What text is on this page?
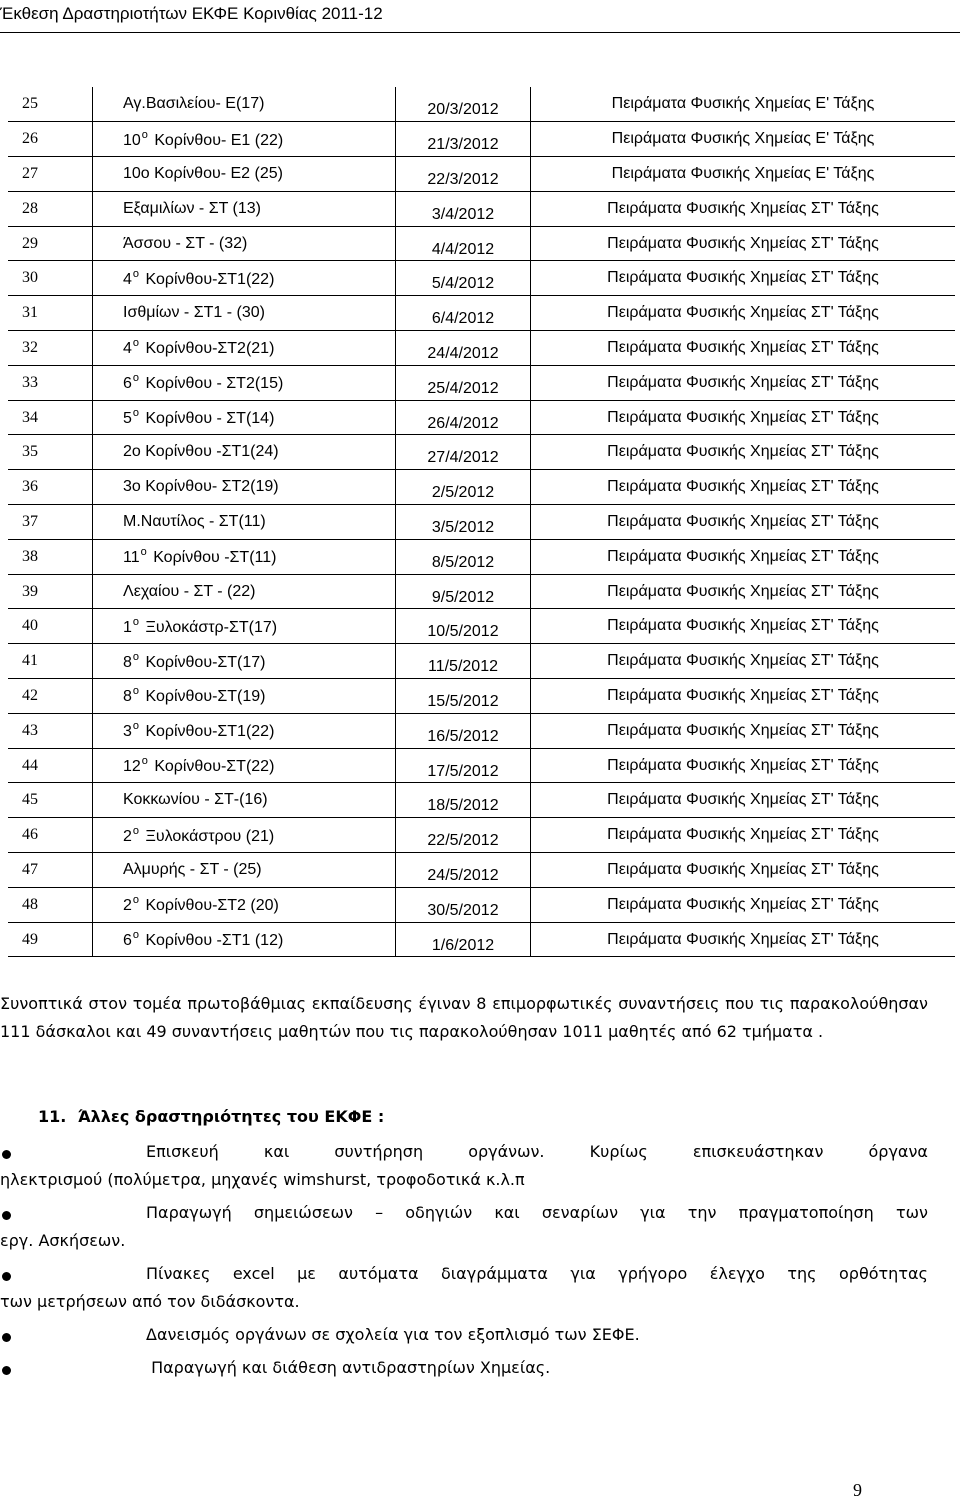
Έκθεση Δραστηριοτήτων ΕΚΦΕ Κορινθίας 2011-12
25	Αγ.Βασιλείου- Ε(17)	20/3/2012	Πειράματα Φυσικής Χημείας Ε' Τάξης
26	$10^o$ Κορίνθου- Ε1 (22)	21/3/2012	Πειράματα Φυσικής Χημείας Ε' Τάξης
27	10ο Κορίνθου- Ε2 (25)	22/3/2012	Πειράματα Φυσικής Χημείας Ε' Τάξης
28	Εξαμιλίων - ΣΤ (13)	3/4/2012	Πειράματα Φυσικής Χημείας ΣΤ' Τάξης
29	Άσσου - ΣΤ - (32)	4/4/2012	Πειράματα Φυσικής Χημείας ΣΤ' Τάξης
30	$4^o$ Κορίνθου-ΣΤ1(22)	5/4/2012	Πειράματα Φυσικής Χημείας ΣΤ' Τάξης
31	Ισθμίων - ΣΤ1 - (30)	6/4/2012	Πειράματα Φυσικής Χημείας ΣΤ' Τάξης
32	$4^o$ Κορίνθου-ΣΤ2(21)	24/4/2012	Πειράματα Φυσικής Χημείας ΣΤ' Τάξης
33	$6^o$ Κορίνθου - ΣΤ2(15)	25/4/2012	Πειράματα Φυσικής Χημείας ΣΤ' Τάξης
34	$5^o$ Κορίνθου - ΣΤ(14)	26/4/2012	Πειράματα Φυσικής Χημείας ΣΤ' Τάξης
35	2ο Κορίνθου -ΣΤ1(24)	27/4/2012	Πειράματα Φυσικής Χημείας ΣΤ' Τάξης
36	3ο Κορίνθου- ΣΤ2(19)	2/5/2012	Πειράματα Φυσικής Χημείας ΣΤ' Τάξης
37	Μ.Ναυτίλος - ΣΤ(11)	3/5/2012	Πειράματα Φυσικής Χημείας ΣΤ' Τάξης
38	$11^o$ Κορίνθου -ΣΤ(11)	8/5/2012	Πειράματα Φυσικής Χημείας ΣΤ' Τάξης
39	Λεχαίου - ΣΤ - (22)	9/5/2012	Πειράματα Φυσικής Χημείας ΣΤ' Τάξης
40	$1^o$ Ξυλοκάστρ-ΣΤ(17)	10/5/2012	Πειράματα Φυσικής Χημείας ΣΤ' Τάξης
41	$8^o$ Κορίνθου-ΣΤ(17)	11/5/2012	Πειράματα Φυσικής Χημείας ΣΤ' Τάξης
42	$8^o$ Κορίνθου-ΣΤ(19)	15/5/2012	Πειράματα Φυσικής Χημείας ΣΤ' Τάξης
43	$3^o$ Κορίνθου-ΣΤ1(22)	16/5/2012	Πειράματα Φυσικής Χημείας ΣΤ' Τάξης
44	$12^o$ Κορίνθου-ΣΤ(22)	17/5/2012	Πειράματα Φυσικής Χημείας ΣΤ' Τάξης
45	Κοκκωνίου - ΣΤ-(16)	18/5/2012	Πειράματα Φυσικής Χημείας ΣΤ' Τάξης
46	$2^o$ Ξυλοκάστρου (21)	22/5/2012	Πειράματα Φυσικής Χημείας ΣΤ' Τάξης
47	Αλμυρής - ΣΤ - (25)	24/5/2012	Πειράματα Φυσικής Χημείας ΣΤ' Τάξης
48	$2^o$ Κορίνθου-ΣΤ2 (20)	30/5/2012	Πειράματα Φυσικής Χημείας ΣΤ' Τάξης
49	$6^o$ Κορίνθου -ΣΤ1 (12)	1/6/2012	Πειράματα Φυσικής Χημείας ΣΤ' Τάξης
Συνοπτικά στον τομέα πρωτοβάθμιας εκπαίδευσης έγιναν 8 επιμορφωτικές συναντήσεις που τις παρακολούθησαν 111 δάσκαλοι και 49 συναντήσεις μαθητών που τις παρακολούθησαν 1011 μαθητές από 62 τμήματα .
11. Άλλες δραστηριότητες του ΕΚΦΕ :
Επισκευή	και	συντήρηση	οργάνων.	Κυρίως	επισκευάστηκαν	όργανα
ηλεκτρισμού (πολύμετρα, μηχανές wimshurst, τροφοδοτικά κ.λ.π
Παραγωγή σημειώσεων – οδηγιών και σεναρίων για την πραγματοποίηση των
εργ. Ασκήσεων.
Πίνακες excel με αυτόματα διαγράμματα για γρήγορο έλεγχο της ορθότητας
των μετρήσεων από τον διδάσκοντα.
Δανεισμός οργάνων σε σχολεία για τον εξοπλισμό των ΣΕΦΕ.
Παραγωγή και διάθεση αντιδραστηρίων Χημείας.
9
